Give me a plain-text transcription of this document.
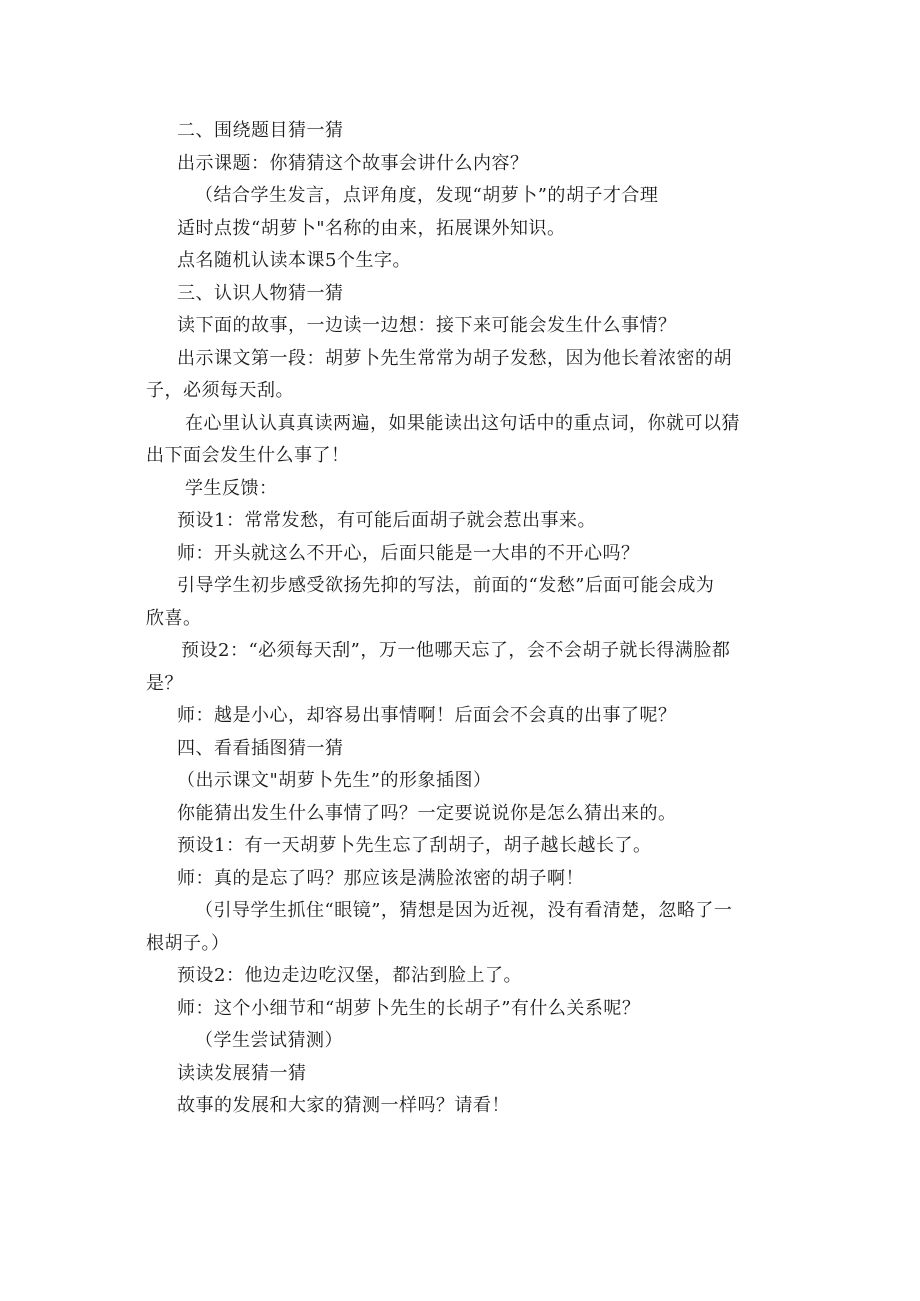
二、围绕题目猜一猜

出示课题：你猜猜这个故事会讲什么内容？

（结合学生发言，点评角度，发现“胡萝卜”的胡子才合理

适时点拨“胡萝卜"名称的由来，拓展课外知识。

点名随机认读本课5个生字。

三、认识人物猜一猜

读下面的故事，一边读一边想：接下来可能会发生什么事情？

出示课文第一段：胡萝卜先生常常为胡子发愁，因为他长着浓密的胡
子，必须每天刮。
在心里认认真真读两遍，如果能读出这句话中的重点词，你就可以猜
出下面会发生什么事了！

学生反馈：

预设1：常常发愁，有可能后面胡子就会惹出事来。

师：开头就这么不开心，后面只能是一大串的不开心吗？

引导学生初步感受欲扬先抑的写法，前面的“发愁”后面可能会成为
欣喜。
预设2：“必须每天刮”，万一他哪天忘了，会不会胡子就长得满脸都
是？

师：越是小心，却容易出事情啊！后面会不会真的出事了呢？

四、看看插图猜一猜

（出示课文"胡萝卜先生”的形象插图）

你能猜出发生什么事情了吗？一定要说说你是怎么猜出来的。

预设1：有一天胡萝卜先生忘了刮胡子，胡子越长越长了。

师：真的是忘了吗？那应该是满脸浓密的胡子啊！

（引导学生抓住“眼镜”，猜想是因为近视，没有看清楚，忽略了一
根胡子。）

预设2：他边走边吃汉堡，都沾到脸上了。

师：这个小细节和“胡萝卜先生的长胡子”有什么关系呢？

（学生尝试猜测）

读读发展猜一猜

故事的发展和大家的猜测一样吗？请看！
